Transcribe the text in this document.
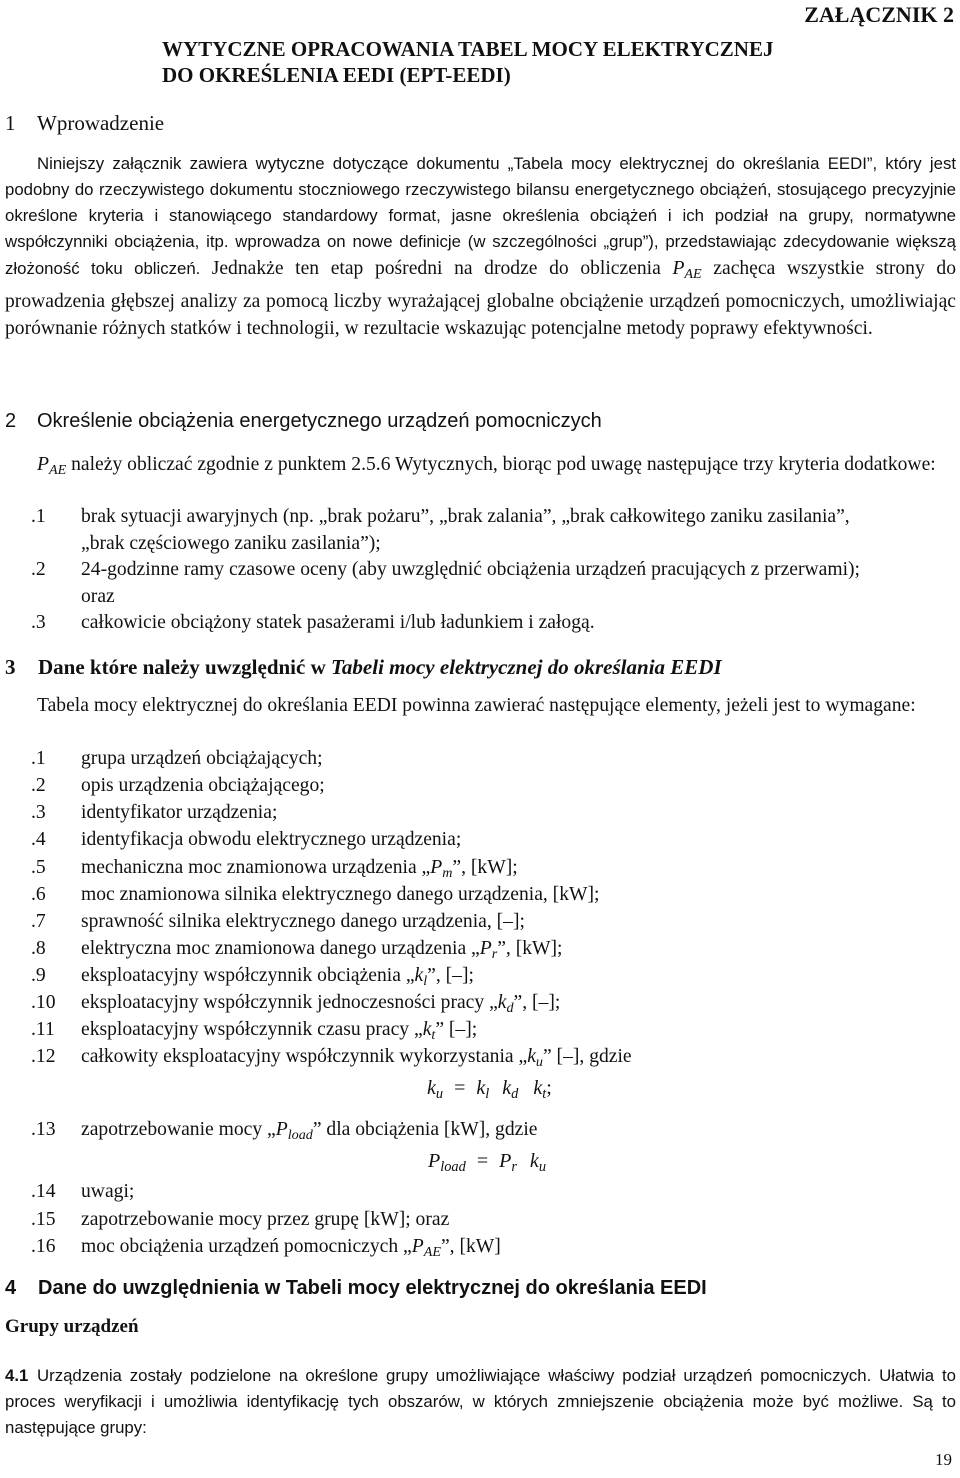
ZAŁĄCZNIK 2
WYTYCZNE OPRACOWANIA TABEL MOCY ELEKTRYCZNEJ
DO OKREŚLENIA EEDI (EPT-EEDI)
1 Wprowadzenie
Niniejszy załącznik zawiera wytyczne dotyczące dokumentu „Tabela mocy elektrycznej do określania EEDI”, który jest podobny do rzeczywistego dokumentu stoczniowego rzeczywistego bilansu energetycznego obciążeń, stosującego precyzyjnie określone kryteria i stanowiącego standardowy format, jasne określenia obciążeń i ich podział na grupy, normatywne współczynniki obciążenia, itp. wprowadza on nowe definicje (w szczególności „grup”), przedstawiając zdecydowanie większą złożoność toku obliczeń. Jednakże ten etap pośredni na drodze do obliczenia $P_{AE}$ zachęca wszystkie strony do prowadzenia głębszej analizy za pomocą liczby wyrażającej globalne obciążenie urządzeń pomocniczych, umożliwiając porównanie różnych statków i technologii, w rezultacie wskazując potencjalne metody poprawy efektywności.
2 Określenie obciążenia energetycznego urządzeń pomocniczych
$P_{AE}$ należy obliczać zgodnie z punktem 2.5.6 Wytycznych, biorąc pod uwagę następujące trzy kryteria dodatkowe:
.1	brak sytuacji awaryjnych (np. „brak pożaru”, „brak zalania”, „brak całkowitego zaniku zasilania”,
„brak częściowego zaniku zasilania”);
.2	24-godzinne ramy czasowe oceny (aby uwzględnić obciążenia urządzeń pracujących z przerwami);
oraz
.3	całkowicie obciążony statek pasażerami i/lub ładunkiem i załogą.
3 Dane które należy uwzględnić w Tabeli mocy elektrycznej do określania EEDI
Tabela mocy elektrycznej do określania EEDI powinna zawierać następujące elementy, jeżeli jest to wymagane:
.1	grupa urządzeń obciążających;
.2	opis urządzenia obciążającego;
.3	identyfikator urządzenia;
.4	identyfikacja obwodu elektrycznego urządzenia;
.5	mechaniczna moc znamionowa urządzenia $„P_m$”, [kW];
.6	moc znamionowa silnika elektrycznego danego urządzenia, [kW];
.7	sprawność silnika elektrycznego danego urządzenia, [–];
.8	elektryczna moc znamionowa danego urządzenia $„P_r$”, [kW];
.9	eksploatacyjny współczynnik obciążenia $„k_l$”, [–];
.10	eksploatacyjny współczynnik jednoczesności pracy $„k_d$”, [–];
.11	eksploatacyjny współczynnik czasu pracy $„k_t$” [–];
.12	całkowity eksploatacyjny współczynnik wykorzystania $„k_u$” [–], gdzie
.13	zapotrzebowanie mocy $„P_{load}$” dla obciążenia [kW], gdzie
.14	uwagi;
.15	zapotrzebowanie mocy przez grupę [kW]; oraz
.16	moc obciążenia urządzeń pomocniczych $„P_{AE}$”, [kW]
$k_u = k_l$ $k_d$ $k_t$;
$P_{load} = P_r$ $k_u$
4 Dane do uwzględnienia w Tabeli mocy elektrycznej do określania EEDI
Grupy urządzeń
4.1 Urządzenia zostały podzielone na określone grupy umożliwiające właściwy podział urządzeń pomocniczych. Ułatwia to proces weryfikacji i umożliwia identyfikację tych obszarów, w których zmniejszenie obciążenia może być możliwe. Są to następujące grupy:
19
